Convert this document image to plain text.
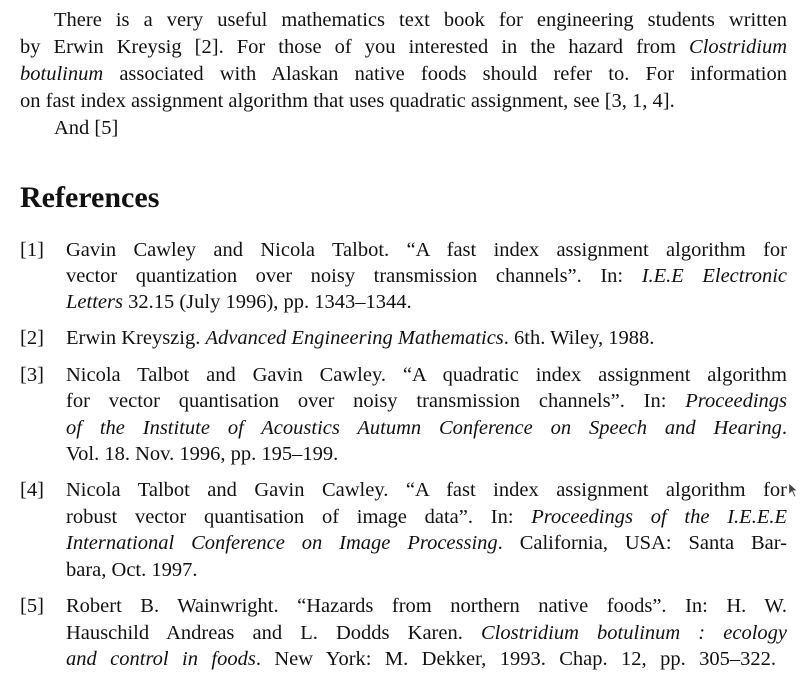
There is a very useful mathematics text book for engineering students written
by Erwin Kreysig [2]. For those of you interested in the hazard from Clostridium
botulinum associated with Alaskan native foods should refer to. For information
on fast index assignment algorithm that uses quadratic assignment, see [3, 1, 4].
And [5]
References
[1] Gavin Cawley and Nicola Talbot. “A fast index assignment algorithm for
vector quantization over noisy transmission channels”. In: I.E.E Electronic
Letters 32.15 (July 1996), pp. 1343–1344.
[2] Erwin Kreyszig. Advanced Engineering Mathematics. 6th. Wiley, 1988.
[3] Nicola Talbot and Gavin Cawley. “A quadratic index assignment algorithm
for vector quantisation over noisy transmission channels”. In: Proceedings
of the Institute of Acoustics Autumn Conference on Speech and Hearing.
Vol. 18. Nov. 1996, pp. 195–199.
[4] Nicola Talbot and Gavin Cawley. “A fast index assignment algorithm for
robust vector quantisation of image data”. In: Proceedings of the I.E.E.E
International Conference on Image Processing. California, USA: Santa Bar-
bara, Oct. 1997.
[5] Robert B. Wainwright. “Hazards from northern native foods”. In: H. W.
Hauschild Andreas and L. Dodds Karen. Clostridium botulinum : ecology
and control in foods. New York: M. Dekker, 1993. Chap. 12, pp. 305–322.
